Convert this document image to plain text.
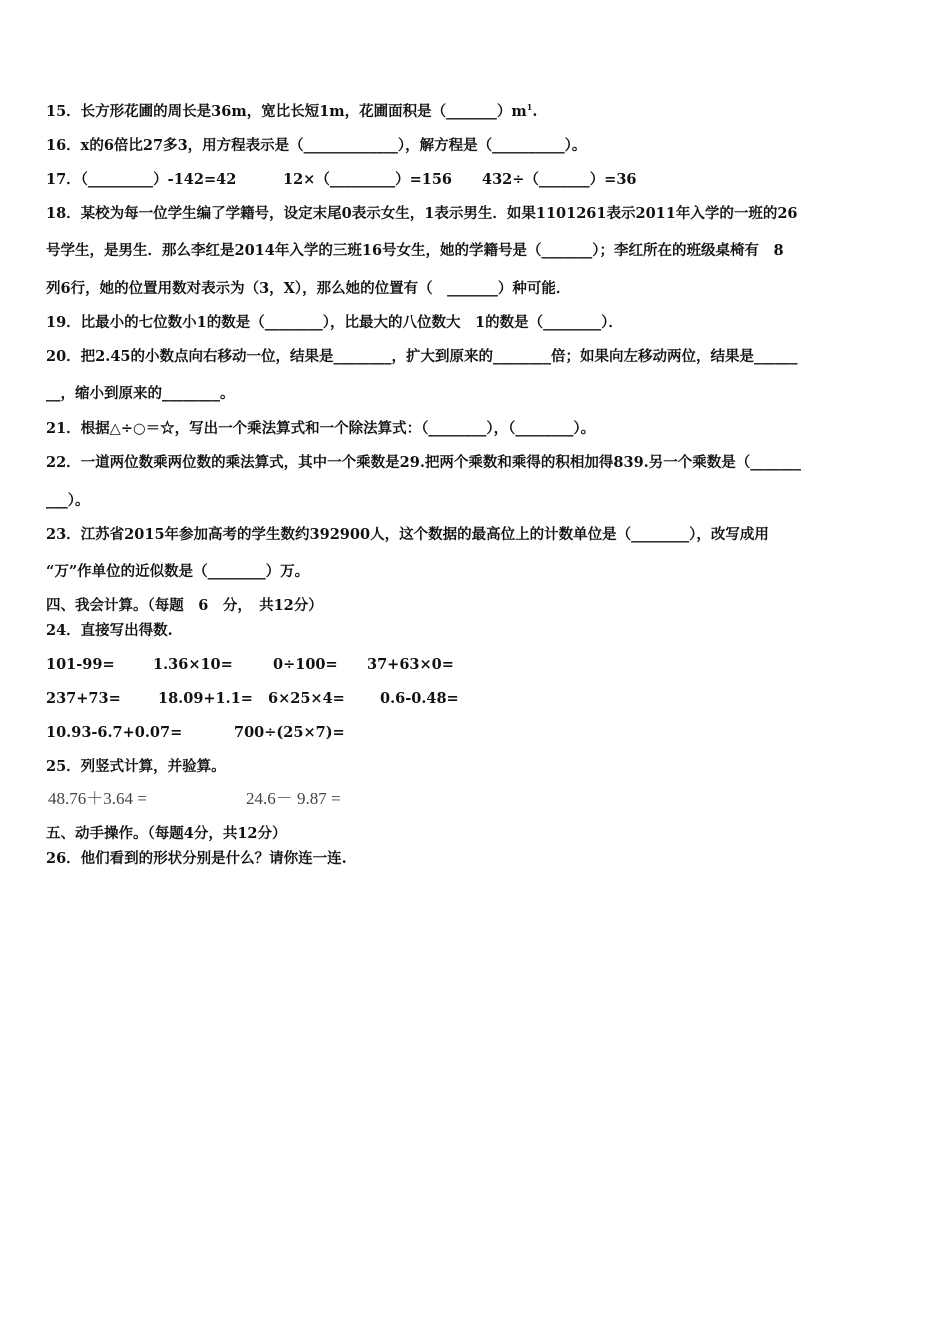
15．长方形花圃的周长是36m，宽比长短1m，花圃面积是$(\_\_\_\_\_\_\_)m^1$.
16．x的6倍比27多3，用方程表示是（_____________），解方程是（__________）。
17．（_________）-142=42	12×（_________）=156 432÷（_______）=36
18．某校为每一位学生编了学籍号，设定末尾0表示女生，1表示男生．如果1101261表示2011年入学的一班的26
号学生，是男生．那么李红是2014年入学的三班16号女生，她的学籍号是（_______）；李红所在的班级桌椅有　8
列6行，她的位置用数对表示为（3，X），那么她的位置有（　_______）种可能．
19．比最小的七位数小1的数是（________），比最大的八位数大　1的数是（________）．
20．把2.45的小数点向右移动一位，结果是________，扩大到原来的________倍；如果向左移动两位，结果是______
__，缩小到原来的________。
21．根据△÷○＝☆，写出一个乘法算式和一个除法算式：（________），（________）。
22．一道两位数乘两位数的乘法算式，其中一个乘数是29.把两个乘数和乘得的积相加得839.另一个乘数是（_______
___）。
23．江苏省2015年参加高考的学生数约392900人，这个数据的最高位上的计数单位是（________），改写成用
“万”作单位的近似数是（________）万。
四、我会计算。（每题　6　分，　共12分）
24．直接写出得数.
101-99=	1.36×10=	0÷100= 37+63×0=
237+73=	18.09+1.1= 6×25×4= 0.6-0.48=
10.93-6.7+0.07=	700÷(25×7)=
25．列竖式计算，并验算。
48.76＋3.64 =	24.6－ 9.87 =
五、动手操作。（每题4分，共12分）
26．他们看到的形状分别是什么？请你连一连.
